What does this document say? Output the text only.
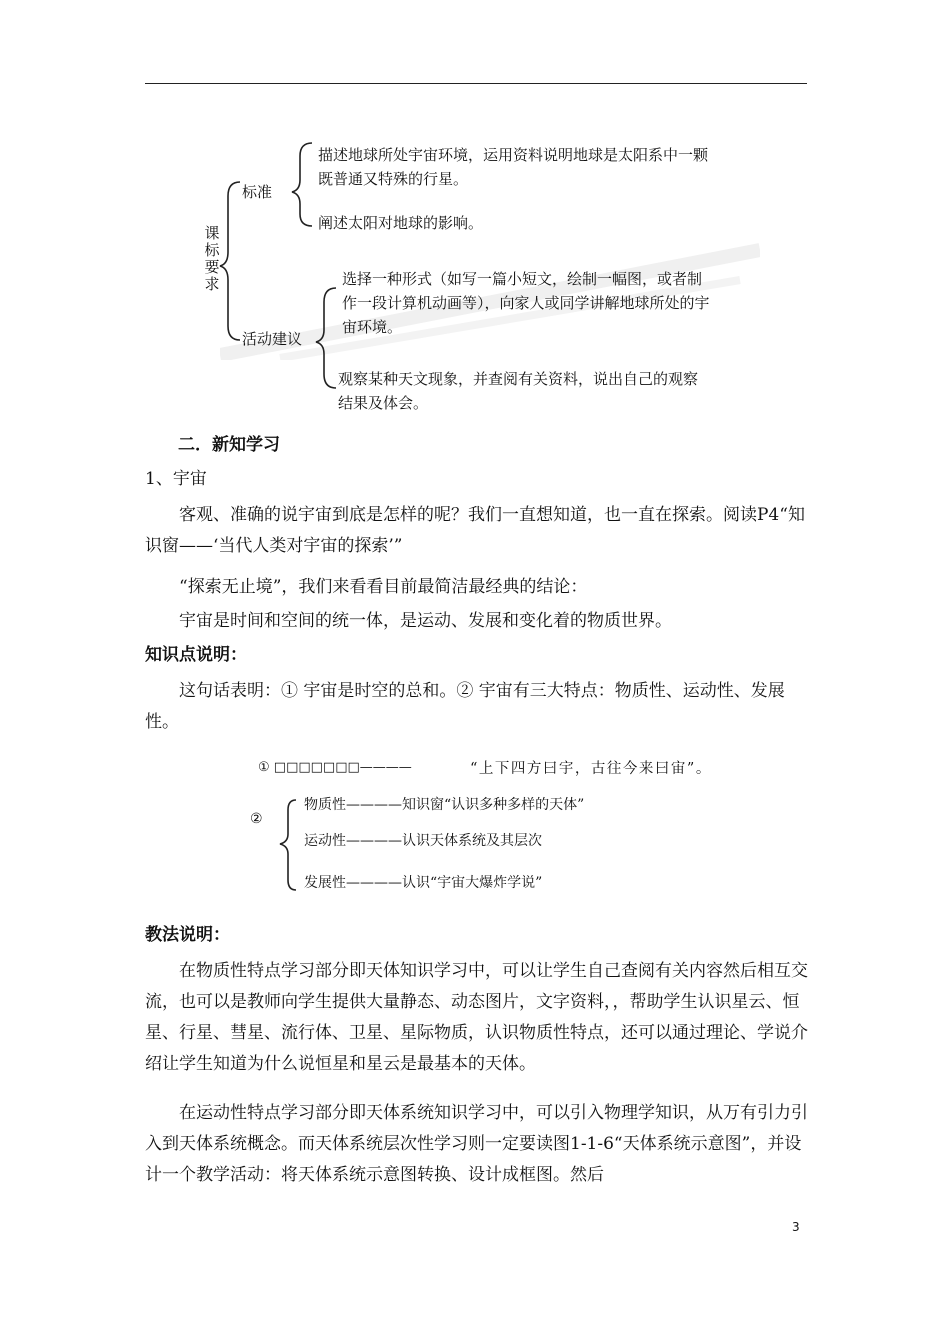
课
标
要
求
标准
描述地球所处宇宙环境，运用资料说明地球是太阳系中一颗既普通又特殊的行星。
阐述太阳对地球的影响。
活动建议
选择一种形式（如写一篇小短文，绘制一幅图，或者制作一段计算机动画等），向家人或同学讲解地球所处的宇宙环境。
观察某种天文现象，并查阅有关资料，说出自己的观察结果及体会。
二．新知学习
1、宇宙
客观、准确的说宇宙到底是怎样的呢？我们一直想知道，也一直在探索。阅读P4“知识窗——‘当代人类对宇宙的探索’”
“探索无止境”，我们来看看目前最简洁最经典的结论：
宇宙是时间和空间的统一体，是运动、发展和变化着的物质世界。
知识点说明：
这句话表明：① 宇宙是时空的总和。② 宇宙有三大特点：物质性、运动性、发展性。
① □□□□□□□————	“上下四方曰宇，古往今来曰宙”。
②
物质性————知识窗“认识多种多样的天体”
运动性————认识天体系统及其层次
发展性————认识“宇宙大爆炸学说”
教法说明：
在物质性特点学习部分即天体知识学习中，可以让学生自己查阅有关内容然后相互交流，也可以是教师向学生提供大量静态、动态图片，文字资料，，帮助学生认识星云、恒星、行星、彗星、流行体、卫星、星际物质，认识物质性特点，还可以通过理论、学说介绍让学生知道为什么说恒星和星云是最基本的天体。
在运动性特点学习部分即天体系统知识学习中，可以引入物理学知识，从万有引力引入到天体系统概念。而天体系统层次性学习则一定要读图1-1-6“天体系统示意图”，并设计一个教学活动：将天体系统示意图转换、设计成框图。然后
3
